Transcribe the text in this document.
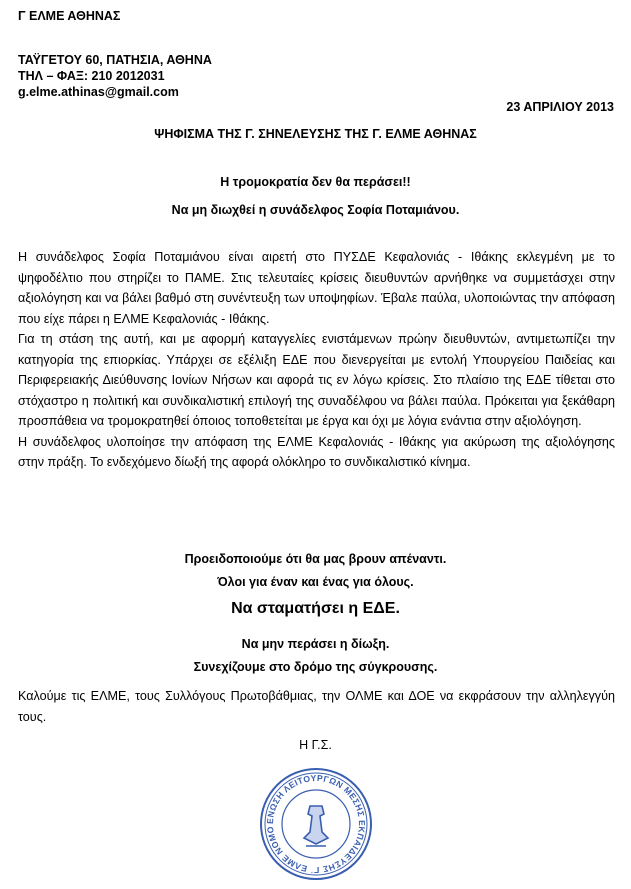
Γ ΕΛΜΕ ΑΘΗΝΑΣ
ΤΑΫΓΕΤΟΥ 60, ΠΑΤΗΣΙΑ, ΑΘΗΝΑ
ΤΗΛ – ΦΑΞ: 210 2012031
g.elme.athinas@gmail.com
23 ΑΠΡΙΛΙΟΥ 2013
ΨΗΦΙΣΜΑ ΤΗΣ Γ. ΣΗΝΕΛΕΥΣΗΣ ΤΗΣ Γ. ΕΛΜΕ ΑΘΗΝΑΣ
Η τρομοκρατία δεν θα περάσει!!
Να μη διωχθεί η συνάδελφος Σοφία Ποταμιάνου.

Η συνάδελφος Σοφία Ποταμιάνου είναι αιρετή στο ΠΥΣΔΕ Κεφαλονιάς - Ιθάκης εκλεγμένη με το ψηφοδέλτιο που στηρίζει το ΠΑΜΕ. Στις τελευταίες κρίσεις διευθυντών αρνήθηκε να συμμετάσχει στην αξιολόγηση και να βάλει βαθμό στη συνέντευξη των υποψηφίων. Έβαλε παύλα, υλοποιώντας την απόφαση που είχε πάρει η ΕΛΜΕ Κεφαλονιάς - Ιθάκης.

Για τη στάση της αυτή, και με αφορμή καταγγελίες ενιστάμενων πρώην διευθυντών, αντιμετωπίζει την κατηγορία της επιορκίας. Υπάρχει σε εξέλιξη ΕΔΕ που διενεργείται με εντολή Υπουργείου Παιδείας και Περιφερειακής Διεύθυνσης Ιονίων Νήσων και αφορά τις εν λόγω κρίσεις. Στο πλαίσιο της ΕΔΕ τίθεται στο στόχαστρο η πολιτική και συνδικαλιστική επιλογή της συναδέλφου να βάλει παύλα. Πρόκειται για ξεκάθαρη προσπάθεια να τρομοκρατηθεί όποιος τοποθετείται με έργα και όχι με λόγια ενάντια στην αξιολόγηση.

Η συνάδελφος υλοποίησε την απόφαση της ΕΛΜΕ Κεφαλονιάς - Ιθάκης για ακύρωση της αξιολόγησης στην πράξη. Το ενδεχόμενο δίωξή της αφορά ολόκληρο το συνδικαλιστικό κίνημα.

Προειδοποιούμε ότι θα μας βρουν απέναντι.
Όλοι για έναν και ένας για όλους.
Να σταματήσει η ΕΔΕ.
Να μην περάσει η δίωξη.
Συνεχίζουμε στο δρόμο της σύγκρουσης.
Καλούμε τις ΕΛΜΕ, τους Συλλόγους Πρωτοβάθμιας, την ΟΛΜΕ και ΔΟΕ να εκφράσουν την αλληλεγγύη τους.
Η Γ.Σ.
ΕΝΩΣΗ ΛΕΙΤΟΥΡΓΩΝ ΜΕΣΗΣ ΕΚΠΑΙΔΕΥΣΗΣ Γ΄ ΕΛΜΕ ΝΟΜΟ
